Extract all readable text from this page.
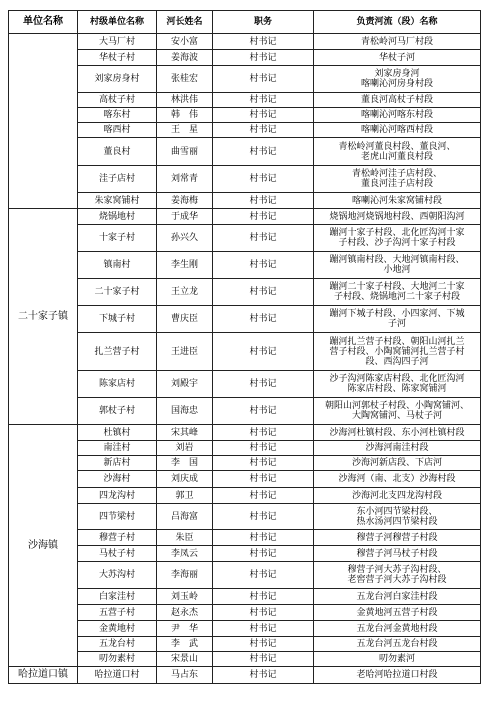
单位名称	村级单位名称	河长姓名	职务	负责河流（段）名称
	大马厂村	安小富	村书记	青松岭河马厂村段
	华杖子村	姜海波	村书记	华杖子河
	刘家房身村	张桂宏	村书记	刘家房身河
喀喇沁河房身村段
	高杖子村	林洪伟	村书记	董良河高杖子村段
	喀东村	韩　伟	村书记	喀喇沁河喀东村段
	喀西村	王　星	村书记	喀喇沁河喀西村段
	董良村	曲雪丽	村书记	青松岭河董良村段、董良河、
老虎山河董良村段
	洼子店村	刘常青	村书记	青松岭河洼子店村段、
董良河洼子店村段
	朱家窝铺村	姜海梅	村书记	喀喇沁河朱家窝铺村段
二十家子镇	烧锅地村	于成华	村书记	烧锅地河烧锅地村段、西朝阳沟河
	十家子村	孙兴久	村书记	蹦河十家子村段、北化匠沟河十家
子村段、沙子沟河十家子村段
	镇南村	李生刚	村书记	蹦河镇南村段、大地河镇南村段、
小地河
	二十家子村	王立龙	村书记	蹦河二十家子村段、大地河二十家
子村段、烧锅地河二十家子村段
	下城子村	曹庆臣	村书记	蹦河下城子村段、小四家河、下城
子河
	扎兰营子村	王进臣	村书记	蹦河扎兰营子村段、朝阳山河扎兰
营子村段、小陶窝铺河扎兰营子村
段、西沟四子河
	陈家店村	刘殿宇	村书记	沙子沟河陈家店村段、北化匠沟河
陈家店村段、陈家窝铺河
	郭杖子村	国海忠	村书记	朝阳山河郭杖子村段、小陶窝铺河、
大陶窝铺河、马杖子河
沙海镇	杜镇村	宋其峰	村书记	沙海河杜镇村段、东小河杜镇村段
	南洼村	刘岩	村书记	沙海河南洼村段
	新店村	李　国	村书记	沙海河新店段、下店河
	沙海村	刘庆成	村书记	沙海河（南、北支）沙海村段
	四龙沟村	郭卫	村书记	沙海河北支四龙沟村段
	四节梁村	吕海富	村书记	东小河四节梁村段、
热水汤河四节梁村段
	穆营子村	朱臣	村书记	穆营子河穆营子村段
	马杖子村	李凤云	村书记	穆营子河马杖子村段
	大苏沟村	李海丽	村书记	穆营子河大苏子沟村段、
老窖营子河大苏子沟村段
	白家洼村	刘玉岭	村书记	五龙台河白家洼村段
	五营子村	赵永杰	村书记	金黄地河五营子村段
	金黄地村	尹　华	村书记	五龙台河金黄地村段
	五龙台村	李　武	村书记	五龙台河五龙台村段
	叨勿素村	宋景山	村书记	叨勿素河
哈拉道口镇	哈拉道口村	马占东	村书记	老哈河哈拉道口村段
